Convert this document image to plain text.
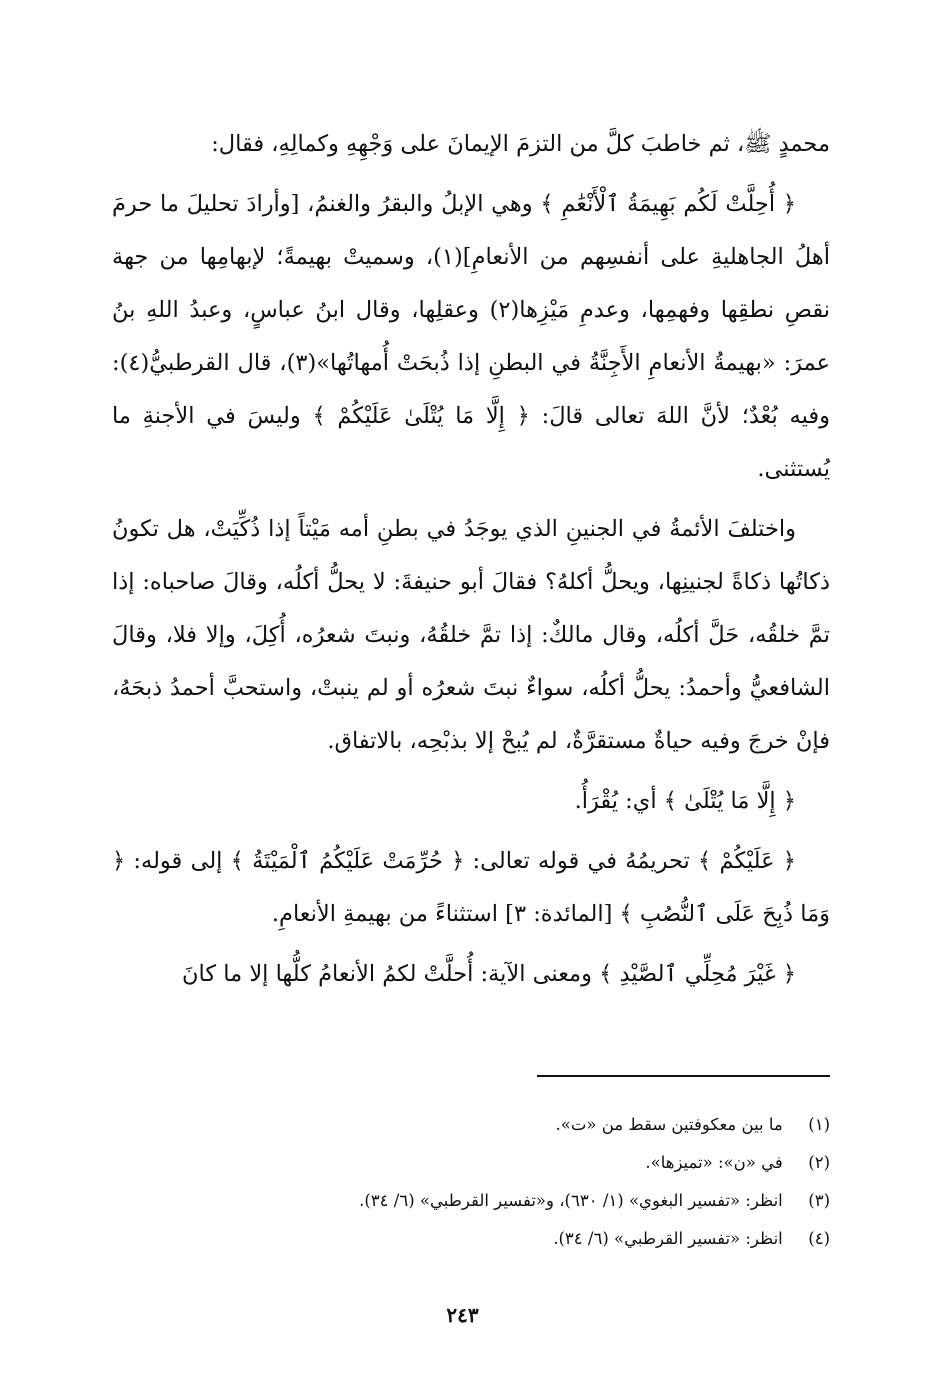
محمدٍ ﷺ، ثم خاطبَ كلَّ من التزمَ الإيمانَ على وَجْهِهِ وكمالِهِ، فقال:

﴿ أُحِلَّتْ لَكُم بَهِيمَةُ ٱلْأَنْعَٰمِ ﴾ وهي الإبلُ والبقرُ والغنمُ، [وأرادَ تحليلَ ما حرمَ أهلُ الجاهليةِ على أنفسِهم من الأنعامِ](١)، وسميتْ بهيمةً؛ لإبهامِها من جهة نقصِ نطقِها وفهمِها، وعدمِ مَيْزِها(٢) وعقلِها، وقال ابنُ عباسٍ، وعبدُ اللهِ بنُ عمرَ: «بهيمةُ الأنعامِ الأَجِنَّةُ في البطنِ إذا ذُبحَتْ أُمهاتُها»(٣)، قال القرطبيُّ(٤): وفيه بُعْدٌ؛ لأنَّ اللهَ تعالى قالَ: ﴿ إِلَّا مَا يُتْلَىٰ عَلَيْكُمْ ﴾ وليسَ في الأجنةِ ما يُستثنى.

واختلفَ الأئمةُ في الجنينِ الذي يوجَدُ في بطنِ أمه مَيْتاً إذا ذُكِّيَتْ، هل تكونُ ذكاتُها ذكاةً لجنينِها، ويحلُّ أكلهُ؟ فقالَ أبو حنيفةَ: لا يحلُّ أكلُه، وقالَ صاحباه: إذا تمَّ خلقُه، حَلَّ أكلُه، وقال مالكٌ: إذا تمَّ خلقُهُ، ونبتَ شعرُه، أُكِلَ، وإلا فلا، وقالَ الشافعيُّ وأحمدُ: يحلُّ أكلُه، سواءٌ نبتَ شعرُه أو لم ينبتْ، واستحبَّ أحمدُ ذبحَهُ، فإنْ خرجَ وفيه حياةٌ مستقرَّةٌ، لم يُبحْ إلا بذبْحِه، بالاتفاق.

﴿ إِلَّا مَا يُتْلَىٰ ﴾ أي: يُقْرَأُ.

﴿ عَلَيْكُمْ ﴾ تحريمُهُ في قوله تعالى: ﴿ حُرِّمَتْ عَلَيْكُمُ ٱلْمَيْتَةُ ﴾ إلى قوله: ﴿ وَمَا ذُبِحَ عَلَى ٱلنُّصُبِ ﴾ [المائدة: ٣] استثناءً من بهيمةِ الأنعامِ.

﴿ غَيْرَ مُحِلِّي ٱلصَّيْدِ ﴾ ومعنى الآية: أُحلَّتْ لكمُ الأنعامُ كلُّها إلا ما كانَ

(١) ما بين معكوفتين سقط من «ت».
(٢) في «ن»: «تميزها».
(٣) انظر: «تفسير البغوي» (١/ ٦٣٠)، و«تفسير القرطبي» (٦/ ٣٤).
(٤) انظر: «تفسير القرطبي» (٦/ ٣٤).
٢٤٣
